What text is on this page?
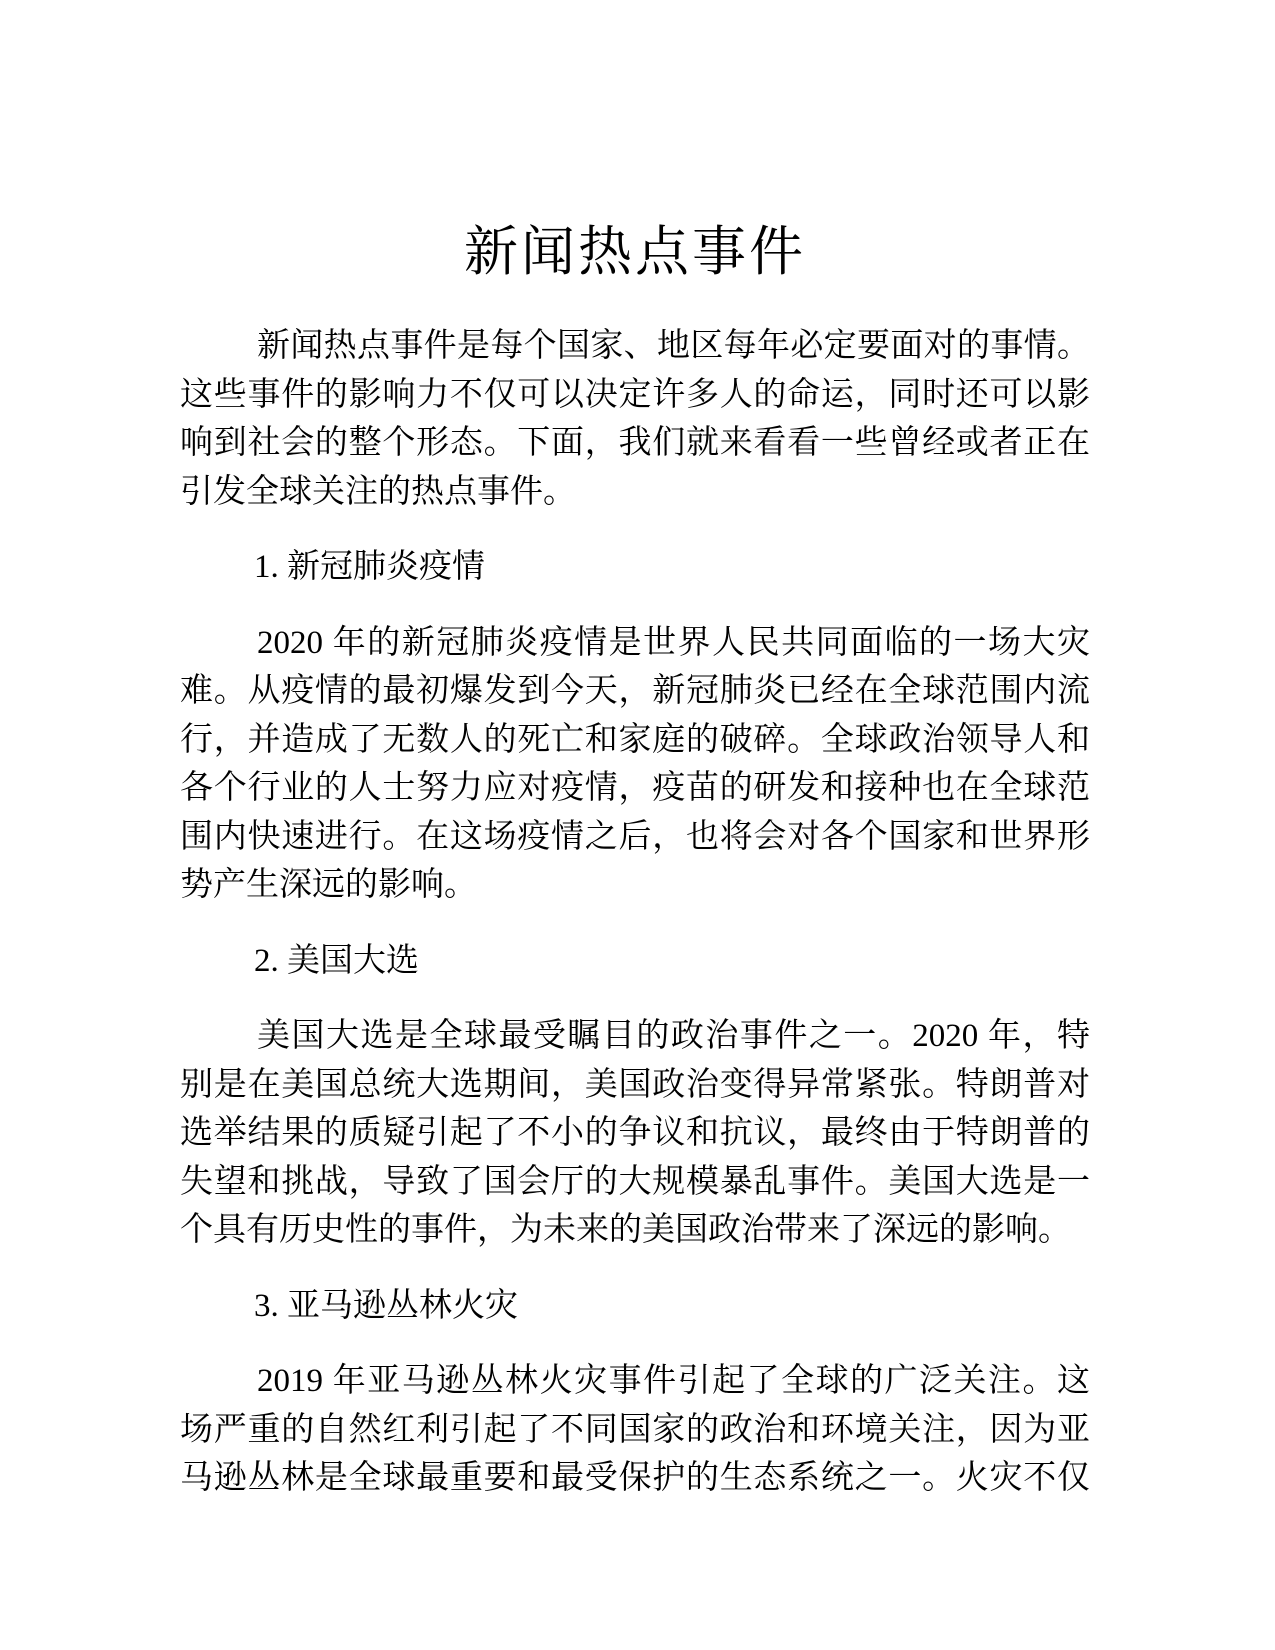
新闻热点事件
新闻热点事件是每个国家、地区每年必定要面对的事情。
这些事件的影响力不仅可以决定许多人的命运，同时还可以影
响到社会的整个形态。下面，我们就来看看一些曾经或者正在
引发全球关注的热点事件。
1. 新冠肺炎疫情
2020 年的新冠肺炎疫情是世界人民共同面临的一场大灾
难。从疫情的最初爆发到今天，新冠肺炎已经在全球范围内流
行，并造成了无数人的死亡和家庭的破碎。全球政治领导人和
各个行业的人士努力应对疫情，疫苗的研发和接种也在全球范
围内快速进行。在这场疫情之后，也将会对各个国家和世界形
势产生深远的影响。
2. 美国大选
美国大选是全球最受瞩目的政治事件之一。2020 年，特
别是在美国总统大选期间，美国政治变得异常紧张。特朗普对
选举结果的质疑引起了不小的争议和抗议，最终由于特朗普的
失望和挑战，导致了国会厅的大规模暴乱事件。美国大选是一
个具有历史性的事件，为未来的美国政治带来了深远的影响。
3. 亚马逊丛林火灾
2019 年亚马逊丛林火灾事件引起了全球的广泛关注。这
场严重的自然红利引起了不同国家的政治和环境关注，因为亚
马逊丛林是全球最重要和最受保护的生态系统之一。火灾不仅
